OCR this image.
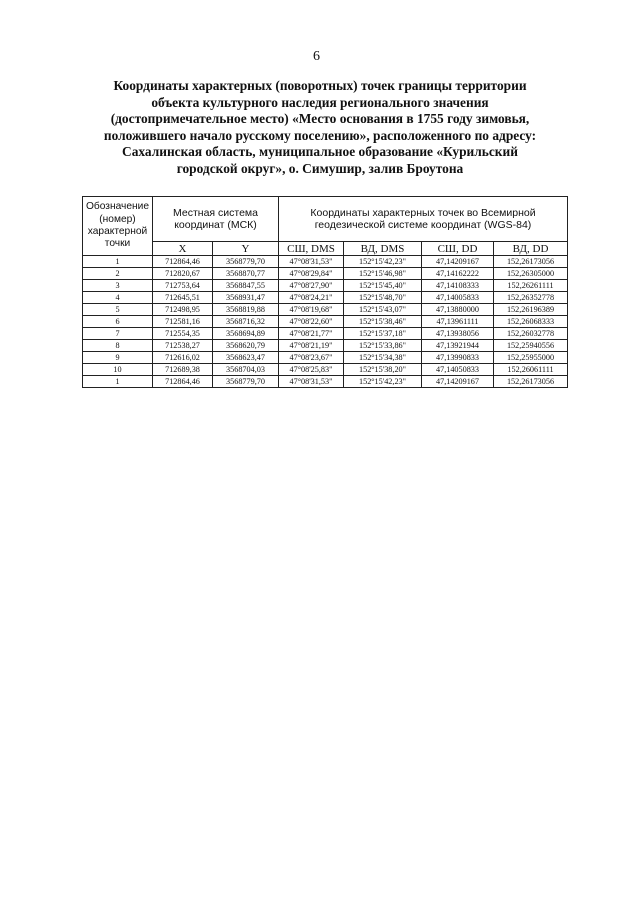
6
Координаты характерных (поворотных) точек границы территории
объекта культурного наследия регионального значения
(достопримечательное место) «Место основания в 1755 году зимовья,
положившего начало русскому поселению», расположенного по адресу:
Сахалинская область, муниципальное образование «Курильский
городской округ», о. Симушир, залив Броутона
Обозначение (номер) характерной точки	Местная система координат (МСК)		Координаты характерных точек во Всемирной геодезической системе координат (WGS-84)			
	X	Y	СШ, DMS	ВД, DMS	СШ, DD	ВД, DD
1	712864,46	3568779,70	47°08'31,53"	152°15'42,23"	47,14209167	152,26173056
2	712820,67	3568870,77	47°08'29,84"	152°15'46,98"	47,14162222	152,26305000
3	712753,64	3568847,55	47°08'27,90"	152°15'45,40"	47,14108333	152,26261111
4	712645,51	3568931,47	47°08'24,21"	152°15'48,70"	47,14005833	152,26352778
5	712498,95	3568819,88	47°08'19,68"	152°15'43,07"	47,13880000	152,26196389
6	712581,16	3568716,32	47°08'22,60"	152°15'38,46"	47,13961111	152,26068333
7	712554,35	3568694,89	47°08'21,77"	152°15'37,18"	47,13938056	152,26032778
8	712538,27	3568620,79	47°08'21,19"	152°15'33,86"	47,13921944	152,25940556
9	712616,02	3568623,47	47°08'23,67"	152°15'34,38"	47,13990833	152,25955000
10	712689,38	3568704,03	47°08'25,83"	152°15'38,20"	47,14050833	152,26061111
1	712864,46	3568779,70	47°08'31,53"	152°15'42,23"	47,14209167	152,26173056
